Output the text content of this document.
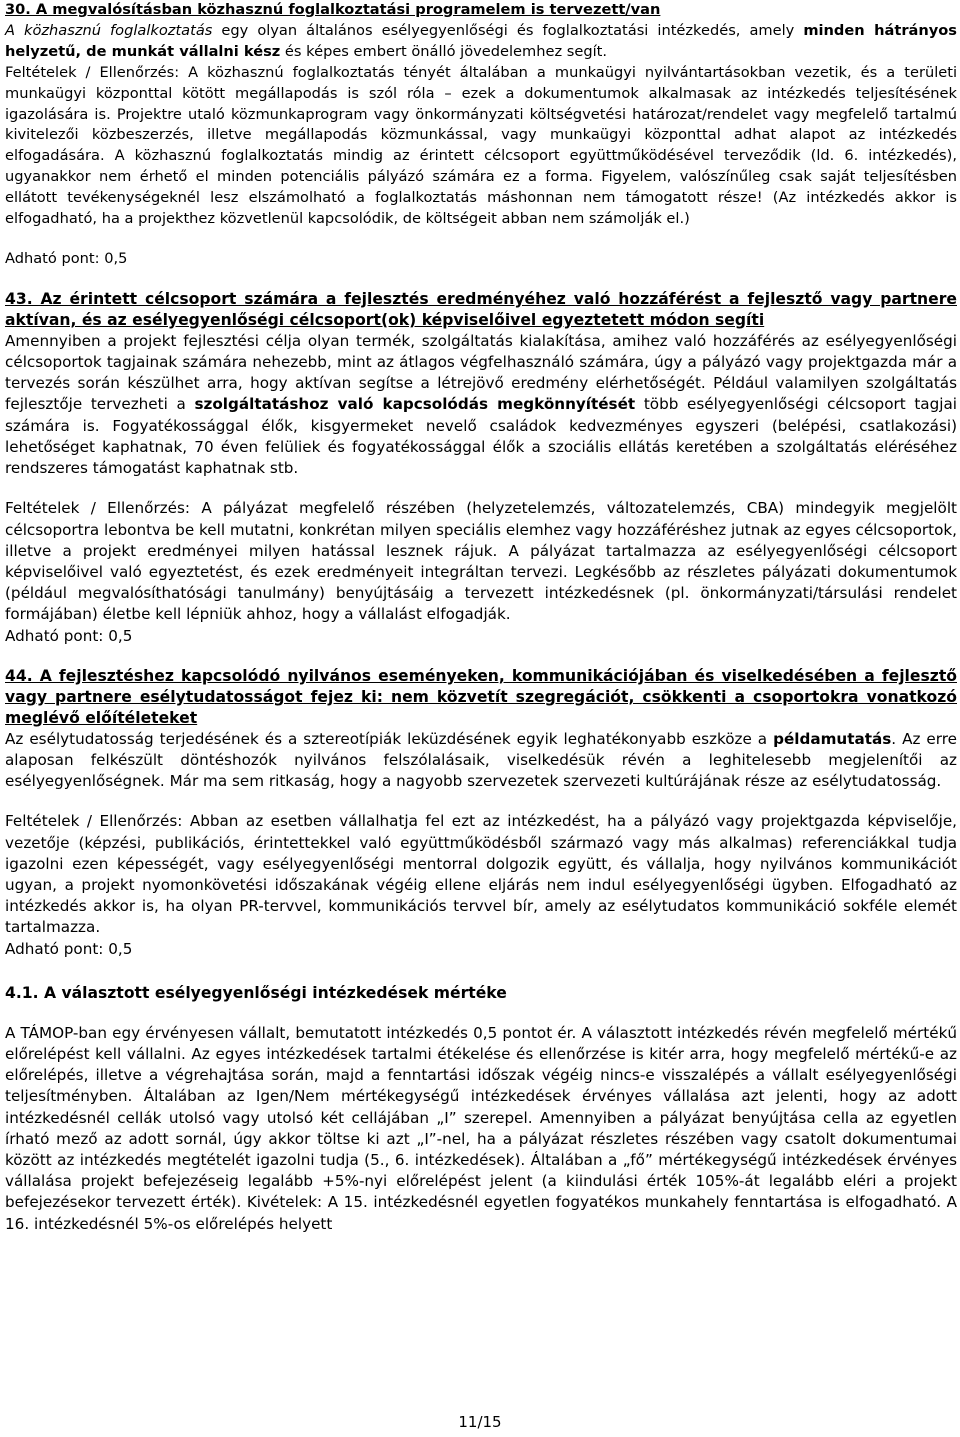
30. A megvalósításban közhasznú foglalkoztatási programelem is tervezett/van

A közhasznú foglalkoztatás egy olyan általános esélyegyenlőségi és foglalkoztatási intézkedés, amely minden hátrányos helyzetű, de munkát vállalni kész és képes embert önálló jövedelemhez segít.

Feltételek / Ellenőrzés: A közhasznú foglalkoztatás tényét általában a munkaügyi nyilvántartásokban vezetik, és a területi munkaügyi központtal kötött megállapodás is szól róla – ezek a dokumentumok alkalmasak az intézkedés teljesítésének igazolására is. Projektre utaló közmunkaprogram vagy önkormányzati költségvetési határozat/rendelet vagy megfelelő tartalmú kivitelezői közbeszerzés, illetve megállapodás közmunkással, vagy munkaügyi központtal adhat alapot az intézkedés elfogadására. A közhasznú foglalkoztatás mindig az érintett célcsoport együttműködésével terveződik (ld. 6. intézkedés), ugyanakkor nem érhető el minden potenciális pályázó számára ez a forma. Figyelem, valószínűleg csak saját teljesítésben ellátott tevékenységeknél lesz elszámolható a foglalkoztatás máshonnan nem támogatott része! (Az intézkedés akkor is elfogadható, ha a projekthez közvetlenül kapcsolódik, de költségeit abban nem számolják el.)

Adható pont: 0,5

43. Az érintett célcsoport számára a fejlesztés eredményéhez való hozzáférést a fejlesztő vagy partnere aktívan, és az esélyegyenlőségi célcsoport(ok) képviselőivel egyeztetett módon segíti

Amennyiben a projekt fejlesztési célja olyan termék, szolgáltatás kialakítása, amihez való hozzáférés az esélyegyenlőségi célcsoportok tagjainak számára nehezebb, mint az átlagos végfelhasználó számára, úgy a pályázó vagy projektgazda már a tervezés során készülhet arra, hogy aktívan segítse a létrejövő eredmény elérhetőségét. Például valamilyen szolgáltatás fejlesztője tervezheti a szolgáltatáshoz való kapcsolódás megkönnyítését több esélyegyenlőségi célcsoport tagjai számára is. Fogyatékossággal élők, kisgyermeket nevelő családok kedvezményes egyszeri (belépési, csatlakozási) lehetőséget kaphatnak, 70 éven felüliek és fogyatékossággal élők a szociális ellátás keretében a szolgáltatás eléréséhez rendszeres támogatást kaphatnak stb.

Feltételek / Ellenőrzés: A pályázat megfelelő részében (helyzetelemzés, változatelemzés, CBA) mindegyik megjelölt célcsoportra lebontva be kell mutatni, konkrétan milyen speciális elemhez vagy hozzáféréshez jutnak az egyes célcsoportok, illetve a projekt eredményei milyen hatással lesznek rájuk. A pályázat tartalmazza az esélyegyenlőségi célcsoport képviselőivel való egyeztetést, és ezek eredményeit integráltan tervezi. Legkésőbb az részletes pályázati dokumentumok (például megvalósíthatósági tanulmány) benyújtásáig a tervezett intézkedésnek (pl. önkormányzati/társulási rendelet formájában) életbe kell lépniük ahhoz, hogy a vállalást elfogadják.

Adható pont: 0,5

44. A fejlesztéshez kapcsolódó nyilvános eseményeken, kommunikációjában és viselkedésében a fejlesztő vagy partnere esélytudatosságot fejez ki: nem közvetít szegregációt, csökkenti a csoportokra vonatkozó meglévő előítéleteket

Az esélytudatosság terjedésének és a sztereotípiák leküzdésének egyik leghatékonyabb eszköze a példamutatás. Az erre alaposan felkészült döntéshozók nyilvános felszólalásaik, viselkedésük révén a leghitelesebb megjelenítői az esélyegyenlőségnek. Már ma sem ritkaság, hogy a nagyobb szervezetek szervezeti kultúrájának része az esélytudatosság.

Feltételek / Ellenőrzés: Abban az esetben vállalhatja fel ezt az intézkedést, ha a pályázó vagy projektgazda képviselője, vezetője (képzési, publikációs, érintettekkel való együttműködésből származó vagy más alkalmas) referenciákkal tudja igazolni ezen képességét, vagy esélyegyenlőségi mentorral dolgozik együtt, és vállalja, hogy nyilvános kommunikációt ugyan, a projekt nyomonkövetési időszakának végéig ellene eljárás nem indul esélyegyenlőségi ügyben. Elfogadható az intézkedés akkor is, ha olyan PR-tervvel, kommunikációs tervvel bír, amely az esélytudatos kommunikáció sokféle elemét tartalmazza.

Adható pont: 0,5

4.1. A választott esélyegyenlőségi intézkedések mértéke

A TÁMOP-ban egy érvényesen vállalt, bemutatott intézkedés 0,5 pontot ér. A választott intézkedés révén megfelelő mértékű előrelépést kell vállalni. Az egyes intézkedések tartalmi étékelése és ellenőrzése is kitér arra, hogy megfelelő mértékű-e az előrelépés, illetve a végrehajtása során, majd a fenntartási időszak végéig nincs-e visszalépés a vállalt esélyegyenlőségi teljesítményben. Általában az Igen/Nem mértékegységű intézkedések érvényes vállalása azt jelenti, hogy az adott intézkedésnél cellák utolsó vagy utolsó két cellájában „I” szerepel. Amennyiben a pályázat benyújtása cella az egyetlen írható mező az adott sornál, úgy akkor töltse ki azt „I”-nel, ha a pályázat részletes részében vagy csatolt dokumentumai között az intézkedés megtételét igazolni tudja (5., 6. intézkedések). Általában a „fő” mértékegységű intézkedések érvényes vállalása projekt befejezéseig legalább +5%-nyi előrelépést jelent (a kiindulási érték 105%-át legalább eléri a projekt befejezésekor tervezett érték). Kivételek: A 15. intézkedésnél egyetlen fogyatékos munkahely fenntartása is elfogadható. A 16. intézkedésnél 5%-os előrelépés helyett

11/15
